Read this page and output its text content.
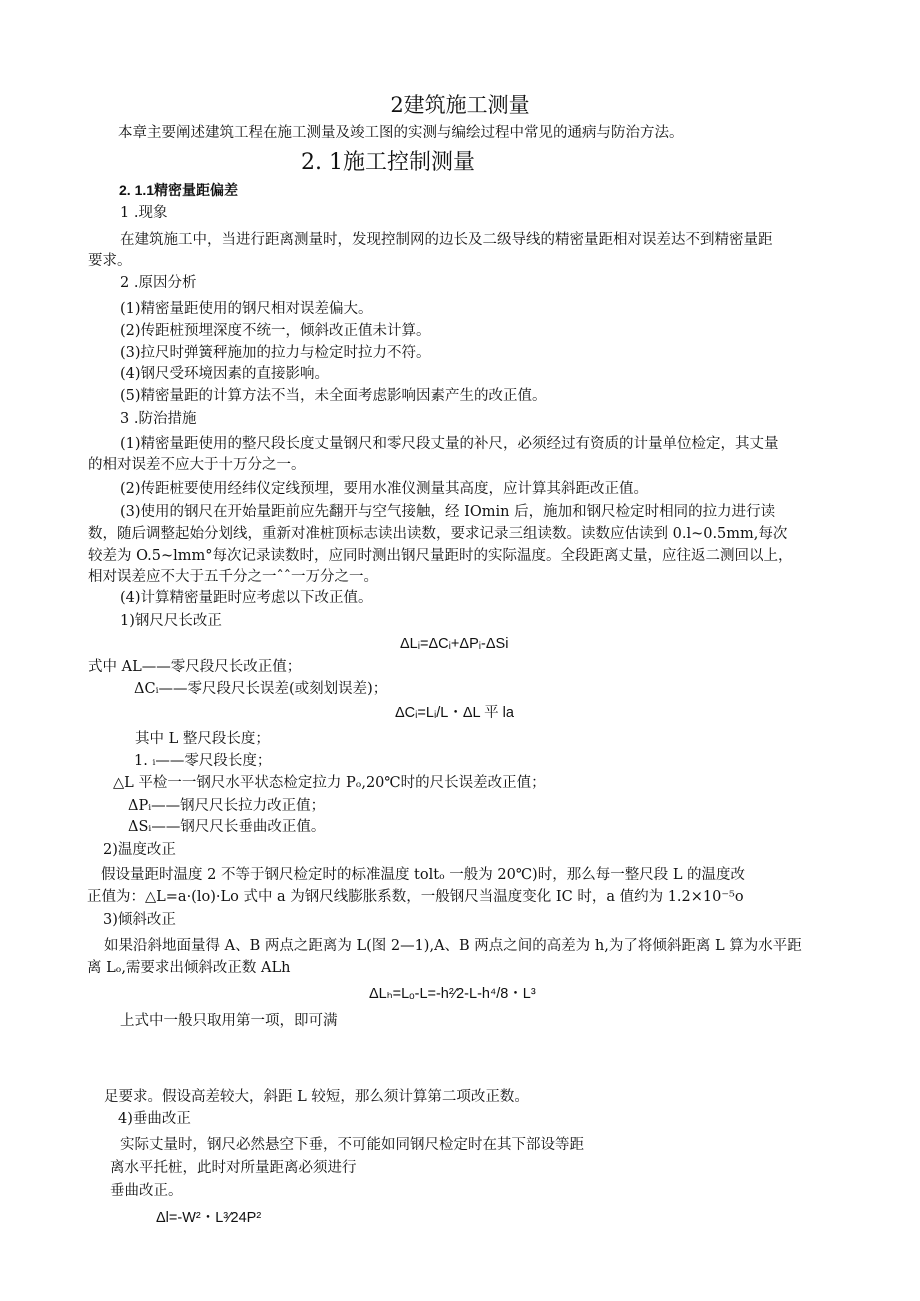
2建筑施工测量
本章主要阐述建筑工程在施工测量及竣工图的实测与编绘过程中常见的通病与防治方法。
2. 1施工控制测量
2. 1.1精密量距偏差
1 .现象
在建筑施工中，当进行距离测量时，发现控制网的边长及二级导线的精密量距相对误差达不到精密量距
要求。
2 .原因分析
(1)精密量距使用的钢尺相对误差偏大。
(2)传距桩预埋深度不统一，倾斜改正值未计算。
(3)拉尺时弹簧秤施加的拉力与检定时拉力不符。
(4)钢尺受环境因素的直接影响。
(5)精密量距的计算方法不当，未全面考虑影响因素产生的改正值。
3 .防治措施
(1)精密量距使用的整尺段长度丈量钢尺和零尺段丈量的补尺，必须经过有资质的计量单位检定，其丈量
的相对误差不应大于十万分之一。
(2)传距桩要使用经纬仪定线预埋，要用水准仪测量其高度，应计算其斜距改正值。
(3)使用的钢尺在开始量距前应先翻开与空气接触，经 IOmin 后，施加和钢尺检定时相同的拉力进行读
数，随后调整起始分划线，重新对准桩顶标志读出读数，要求记录三组读数。读数应估读到 0.l~0.5mm,每次
较差为 O.5~lmm°每次记录读数时，应同时测出钢尺量距时的实际温度。全段距离丈量，应往返二测回以上，
相对误差应不大于五千分之一ˆˆ一万分之一。
(4)计算精密量距时应考虑以下改正值。
1)钢尺尺长改正
ΔLᵢ=ΔCᵢ+ΔPᵢ-ΔSi
式中 AL——零尺段尺长改正值；
ΔCᵢ——零尺段尺长误差(或刻划误差)；
ΔCᵢ=Lᵢ/L・ΔL 平 la
其中 L 整尺段长度；
1. ᵢ——零尺段长度；
△L 平检一一钢尺水平状态检定拉力 Pₒ,20℃时的尺长误差改正值；
ΔPᵢ——钢尺尺长拉力改正值；
ΔSᵢ——钢尺尺长垂曲改正值。
2)温度改正
假设量距时温度 2 不等于钢尺检定时的标准温度 toltₒ 一般为 20℃)时，那么每一整尺段 L 的温度改
正值为：△L=a·(lo)·Lo 式中 a 为钢尺线膨胀系数，一般钢尺当温度变化 IC 时，a 值约为 1.2×10⁻⁵o
3)倾斜改正
如果沿斜地面量得 A、B 两点之距离为 L(图 2—1),A、B 两点之间的高差为 h,为了将倾斜距离 L 算为水平距
离 Lₒ,需要求出倾斜改正数 ALh
ΔLₕ=Lₒ-L=-h²⁄2-L-h⁴/8・L³
上式中一般只取用第一项，即可满
足要求。假设高差较大，斜距 L 较短，那么须计算第二项改正数。
4)垂曲改正
实际丈量时，钢尺必然悬空下垂，不可能如同钢尺检定时在其下部设等距
离水平托桩，此时对所量距离必须进行
垂曲改正。
Δl=-W²・L³⁄24P²
